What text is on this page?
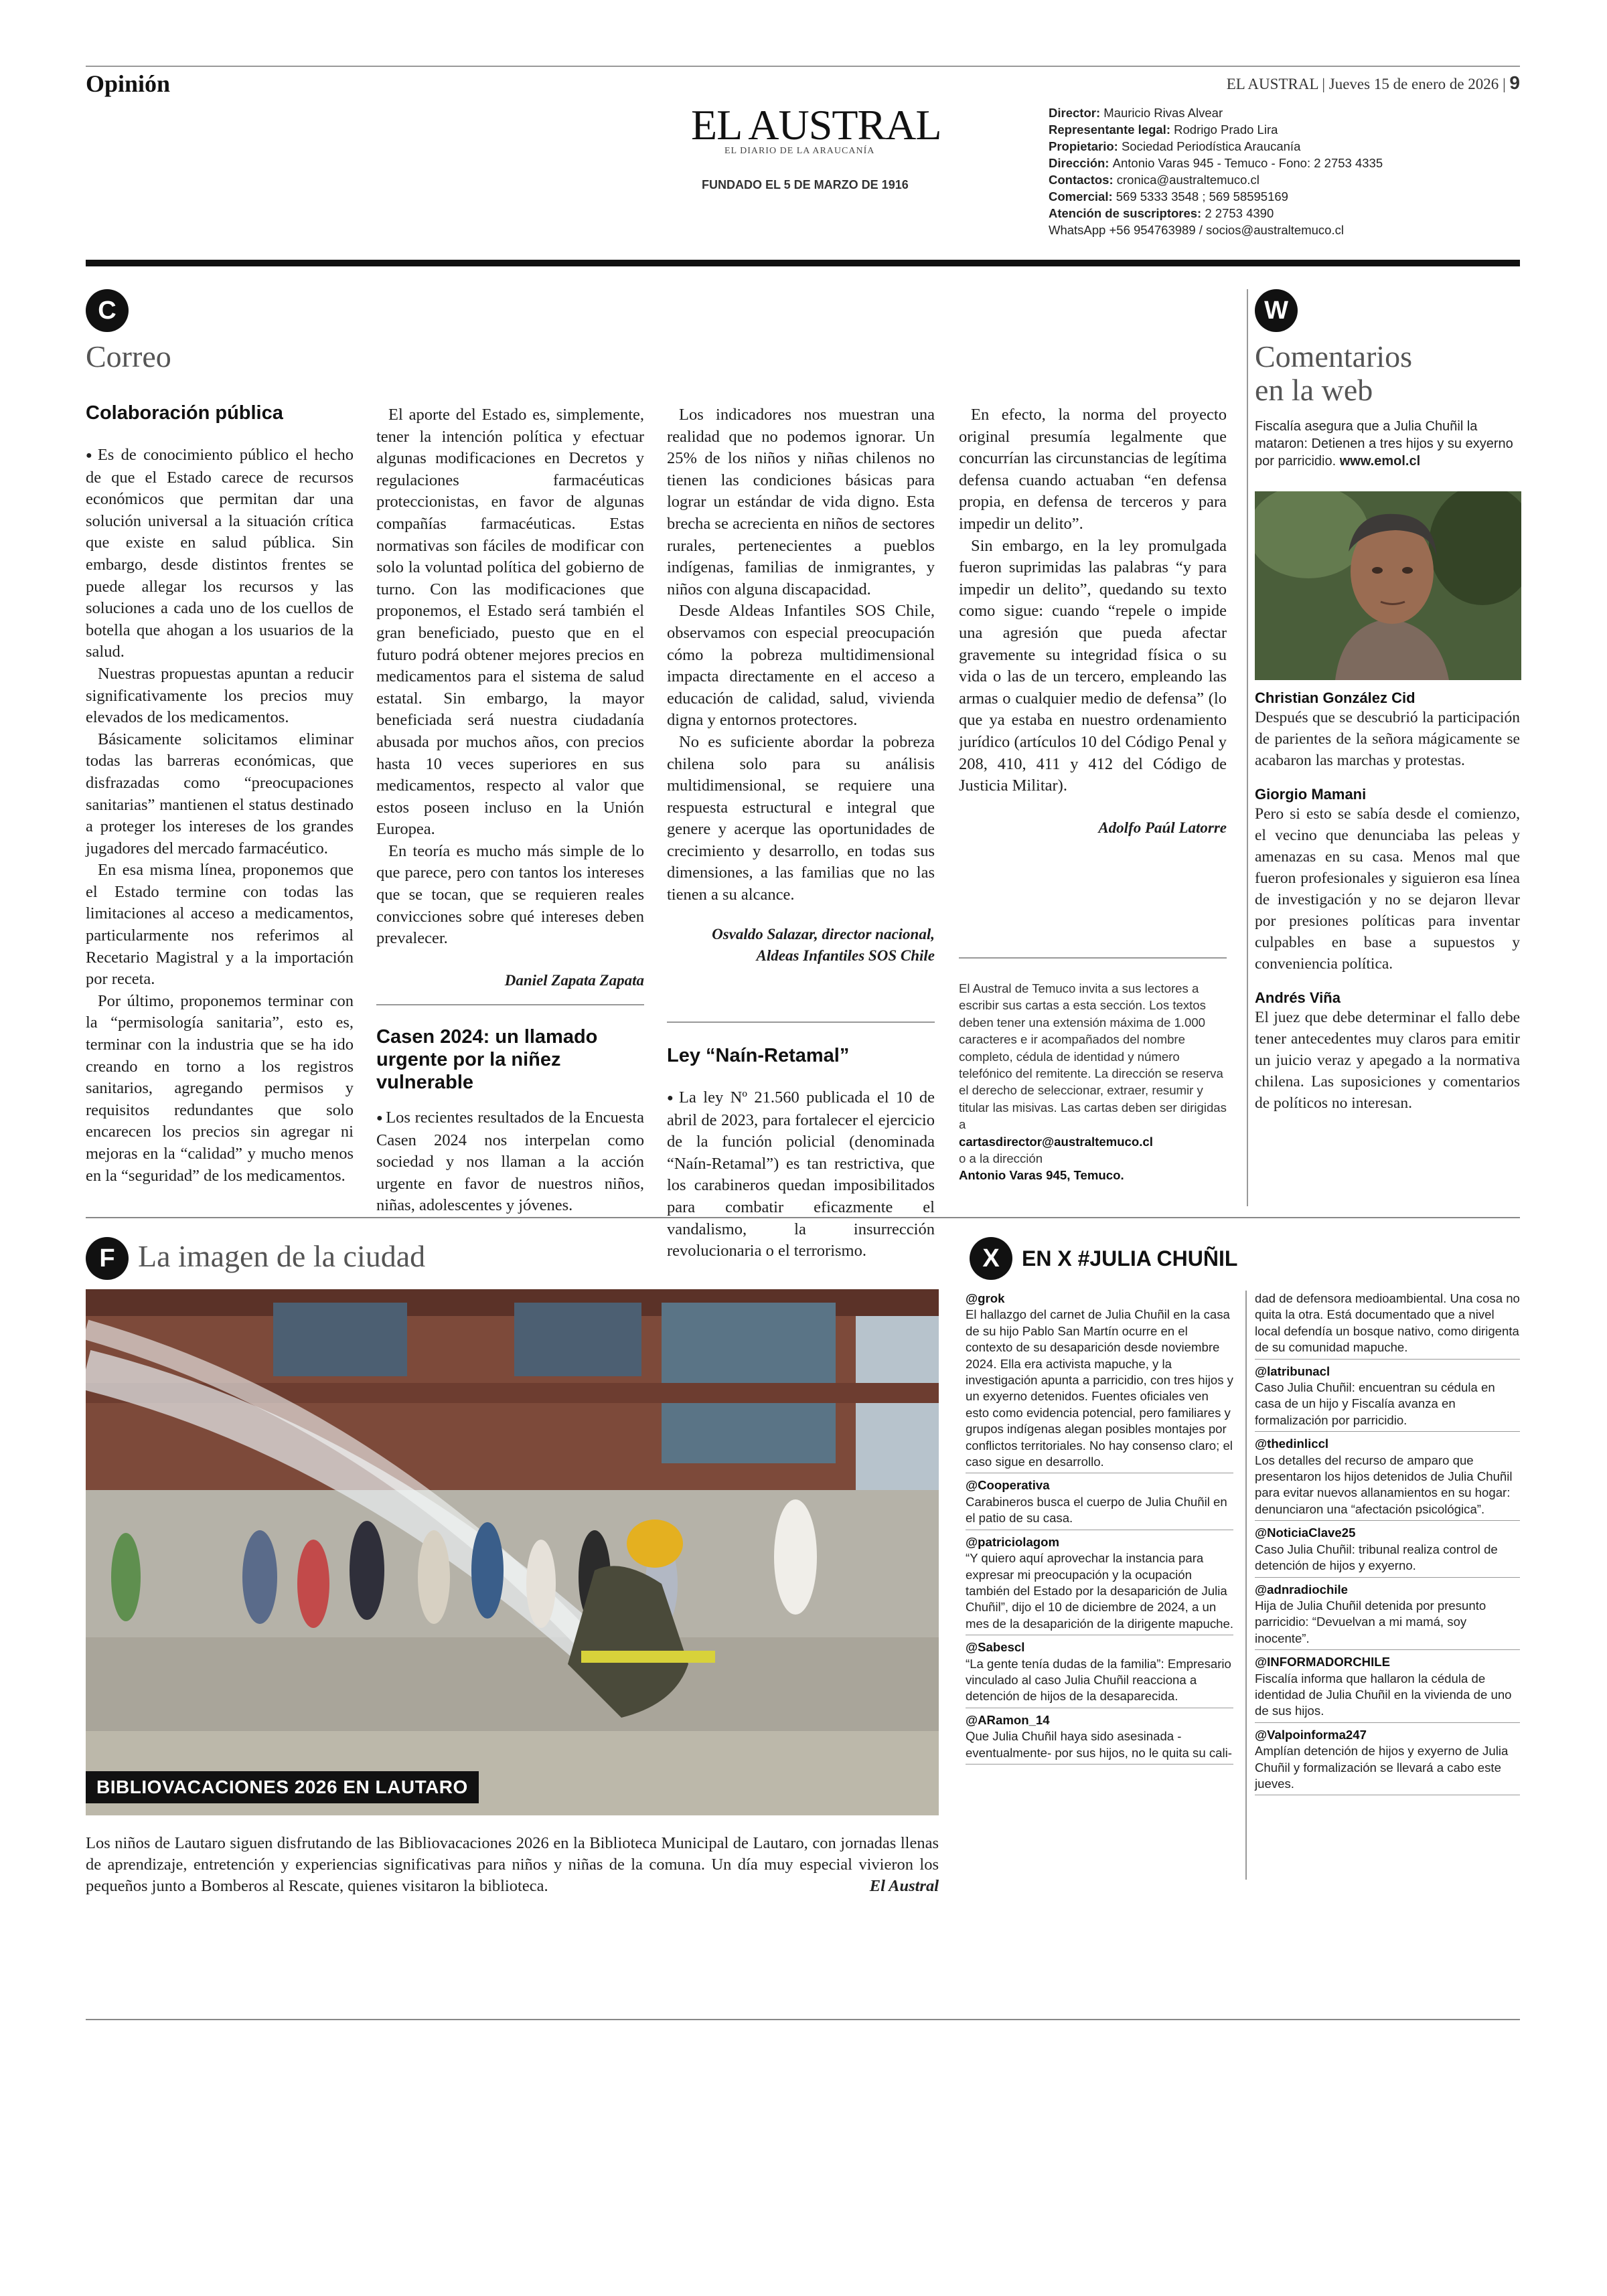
Opinión	EL AUSTRAL | Jueves 15 de enero de 2026 | 9
EL AUSTRAL
EL DIARIO DE LA ARAUCANÍA
FUNDADO EL 5 DE MARZO DE 1916
Director: Mauricio Rivas Alvear
Representante legal: Rodrigo Prado Lira
Propietario: Sociedad Periodística Araucanía
Dirección: Antonio Varas 945 - Temuco - Fono: 2 2753 4335
Contactos: cronica@australtemuco.cl
Comercial: 569 5333 3548 ; 569 58595169
Atención de suscriptores: 2 2753 4390
WhatsApp +56 954763989 / socios@australtemuco.cl
C
Correo
Colaboración pública

● Es de conocimiento público el hecho de que el Estado carece de recursos económicos que permitan dar una solución universal a la situación crítica que existe en salud pública. Sin embargo, desde distintos frentes se puede allegar los recursos y las soluciones a cada uno de los cuellos de botella que ahogan a los usuarios de la salud.

Nuestras propuestas apuntan a reducir significativamente los precios muy elevados de los medicamentos.

Básicamente solicitamos eliminar todas las barreras económicas, que disfrazadas como “preocupaciones sanitarias” mantienen el status destinado a proteger los intereses de los grandes jugadores del mercado farmacéutico.

En esa misma línea, proponemos que el Estado termine con todas las limitaciones al acceso a medicamentos, particularmente nos referimos al Recetario Magistral y a la importación por receta.

Por último, proponemos terminar con la “permisología sanitaria”, esto es, terminar con la industria que se ha ido creando en torno a los registros sanitarios, agregando permisos y requisitos redundantes que solo encarecen los precios sin agregar ni mejoras en la “calidad” y mucho menos en la “seguridad” de los medicamentos.

El aporte del Estado es, simplemente, tener la intención política y efectuar algunas modificaciones en Decretos y regulaciones farmacéuticas proteccionistas, en favor de algunas compañías farmacéuticas. Estas normativas son fáciles de modificar con solo la voluntad política del gobierno de turno. Con las modificaciones que proponemos, el Estado será también el gran beneficiado, puesto que en el futuro podrá obtener mejores precios en medicamentos para el sistema de salud estatal. Sin embargo, la mayor beneficiada será nuestra ciudadanía abusada por muchos años, con precios hasta 10 veces superiores en sus medicamentos, respecto al valor que estos poseen incluso en la Unión Europea.

En teoría es mucho más simple de lo que parece, pero con tantos los intereses que se tocan, que se requieren reales convicciones sobre qué intereses deben prevalecer.

Daniel Zapata Zapata
Casen 2024: un llamado urgente por la niñez vulnerable

● Los recientes resultados de la Encuesta Casen 2024 nos interpelan como sociedad y nos llaman a la acción urgente en favor de nuestros niños, niñas, adolescentes y jóvenes.

Los indicadores nos muestran una realidad que no podemos ignorar. Un 25% de los niños y niñas chilenos no tienen las condiciones básicas para lograr un estándar de vida digno. Esta brecha se acrecienta en niños de sectores rurales, pertenecientes a pueblos indígenas, familias de inmigrantes, y niños con alguna discapacidad.

Desde Aldeas Infantiles SOS Chile, observamos con especial preocupación cómo la pobreza multidimensional impacta directamente en el acceso a educación de calidad, salud, vivienda digna y entornos protectores.

No es suficiente abordar la pobreza chilena solo para su análisis multidimensional, se requiere una respuesta estructural e integral que genere y acerque las oportunidades de crecimiento y desarrollo, en todas sus dimensiones, a las familias que no las tienen a su alcance.

Osvaldo Salazar, director nacional,
Aldeas Infantiles SOS Chile
Ley “Naín-Retamal”

● La ley Nº 21.560 publicada el 10 de abril de 2023, para fortalecer el ejercicio de la función policial (denominada “Naín-Retamal”) es tan restrictiva, que los carabineros quedan imposibilitados para combatir eficazmente el vandalismo, la insurrección revolucionaria o el terrorismo.

En efecto, la norma del proyecto original presumía legalmente que concurrían las circunstancias de legítima defensa cuando actuaban “en defensa propia, en defensa de terceros y para impedir un delito”.

Sin embargo, en la ley promulgada fueron suprimidas las palabras “y para impedir un delito”, quedando su texto como sigue: cuando “repele o impide una agresión que pueda afectar gravemente su integridad física o su vida o las de un tercero, empleando las armas o cualquier medio de defensa” (lo que ya estaba en nuestro ordenamiento jurídico (artículos 10 del Código Penal y 208, 410, 411 y 412 del Código de Justicia Militar).

Adolfo Paúl Latorre
El Austral de Temuco invita a sus lectores a escribir sus cartas a esta sección. Los textos deben tener una extensión máxima de 1.000 caracteres e ir acompañados del nombre completo, cédula de identidad y número telefónico del remitente. La dirección se reserva el derecho de seleccionar, extraer, resumir y titular las misivas. Las cartas deben ser dirigidas a
cartasdirector@australtemuco.cl
o a la dirección
Antonio Varas 945, Temuco.
W
Comentarios
en la web
Fiscalía asegura que a Julia Chuñil la mataron: Detienen a tres hijos y su exyerno por parricidio. www.emol.cl
Christian González Cid
Después que se descubrió la participación de parientes de la señora mágicamente se acabaron las marchas y protestas.
Giorgio Mamani
Pero si esto se sabía desde el comienzo, el vecino que denunciaba las peleas y amenazas en su casa. Menos mal que fueron profesionales y siguieron esa línea de investigación y no se dejaron llevar por presiones políticas para inventar culpables en base a supuestos y conveniencia política.
Andrés Viña
El juez que debe determinar el fallo debe tener antecedentes muy claros para emitir un juicio veraz y apegado a la normativa chilena. Las suposiciones y comentarios de políticos no interesan.
F La imagen de la ciudad
BIBLIOVACACIONES 2026 EN LAUTARO
Los niños de Lautaro siguen disfrutando de las Bibliovacaciones 2026 en la Biblioteca Municipal de Lautaro, con jornadas llenas de aprendizaje, entretención y experiencias significativas para niños y niñas de la comuna. Un día muy especial vivieron los pequeños junto a Bomberos al Rescate, quienes visitaron la biblioteca.	El Austral
X	EN X #JULIA CHUÑIL
@grok
El hallazgo del carnet de Julia Chuñil en la casa de su hijo Pablo San Martín ocurre en el contexto de su desaparición desde noviembre 2024. Ella era activista mapuche, y la investigación apunta a parricidio, con tres hijos y un exyerno detenidos. Fuentes oficiales ven esto como evidencia potencial, pero familiares y grupos indígenas alegan posibles montajes por conflictos territoriales. No hay consenso claro; el caso sigue en desarrollo.
@Cooperativa
Carabineros busca el cuerpo de Julia Chuñil en el patio de su casa.
@patriciolagom
“Y quiero aquí aprovechar la instancia para expresar mi preocupación y la ocupación también del Estado por la desaparición de Julia Chuñil”, dijo el 10 de diciembre de 2024, a un mes de la desaparición de la dirigente mapuche.
@Sabescl
“La gente tenía dudas de la familia”: Empresario vinculado al caso Julia Chuñil reacciona a detención de hijos de la desaparecida.
@ARamon_14
Que Julia Chuñil haya sido asesinada -eventualmente- por sus hijos, no le quita su cali-
dad de defensora medioambiental. Una cosa no quita la otra. Está documentado que a nivel local defendía un bosque nativo, como dirigenta de su comunidad mapuche.
@latribunacl
Caso Julia Chuñil: encuentran su cédula en casa de un hijo y Fiscalía avanza en formalización por parricidio.
@thedinliccl
Los detalles del recurso de amparo que presentaron los hijos detenidos de Julia Chuñil para evitar nuevos allanamientos en su hogar: denunciaron una “afectación psicológica”.
@NoticiaClave25
Caso Julia Chuñil: tribunal realiza control de detención de hijos y exyerno.
@adnradiochile
Hija de Julia Chuñil detenida por presunto parricidio: “Devuelvan a mi mamá, soy inocente”.
@INFORMADORCHILE
Fiscalía informa que hallaron la cédula de identidad de Julia Chuñil en la vivienda de uno de sus hijos.
@Valpoinforma247
Amplían detención de hijos y exyerno de Julia Chuñil y formalización se llevará a cabo este jueves.
